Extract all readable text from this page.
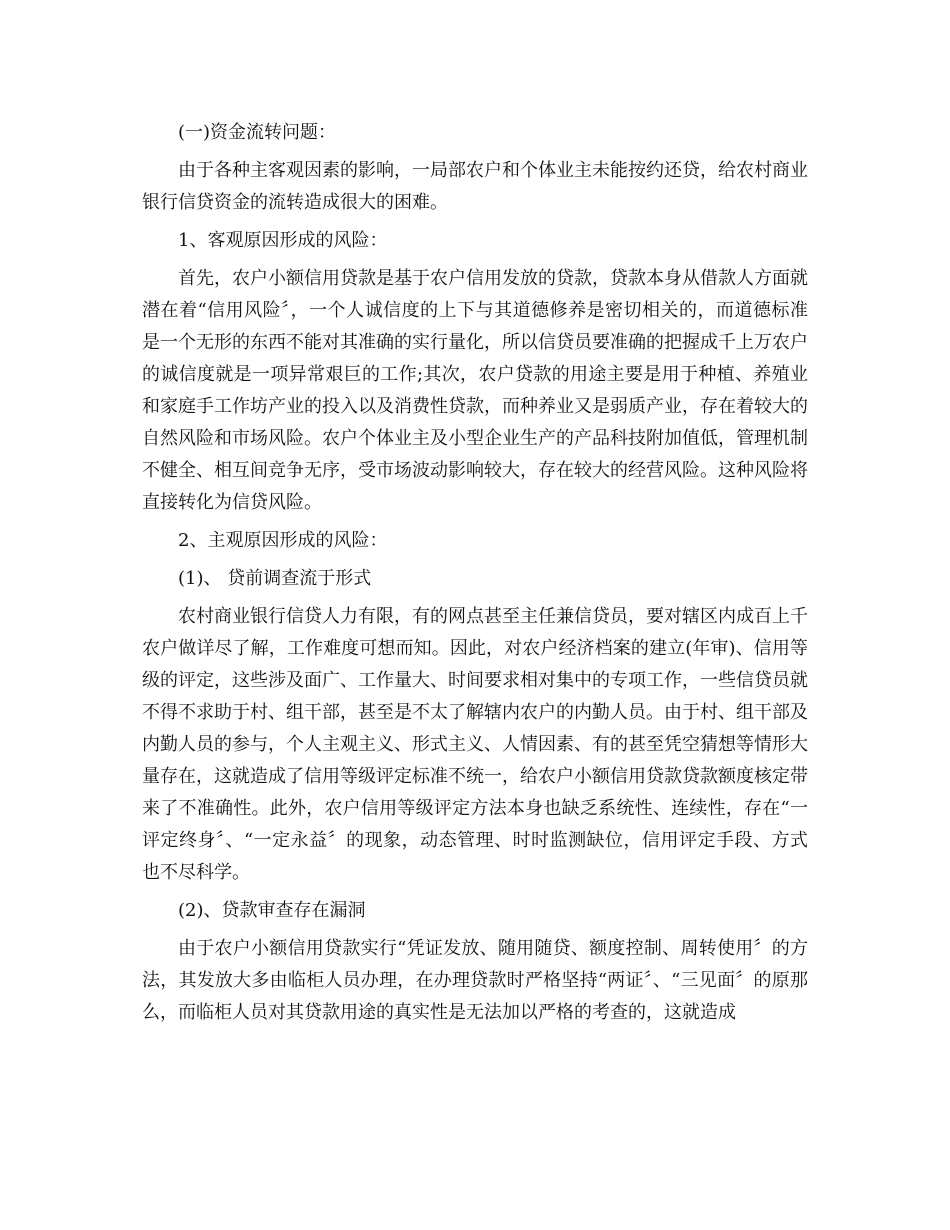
(一)资金流转问题：

由于各种主客观因素的影响，一局部农户和个体业主未能按约还贷，给农村商业银行信贷资金的流转造成很大的困难。

1、客观原因形成的风险：

首先，农户小额信用贷款是基于农户信用发放的贷款，贷款本身从借款人方面就潜在着“信用风险〞，一个人诚信度的上下与其道德修养是密切相关的，而道德标准是一个无形的东西不能对其准确的实行量化，所以信贷员要准确的把握成千上万农户的诚信度就是一项异常艰巨的工作;其次，农户贷款的用途主要是用于种植、养殖业和家庭手工作坊产业的投入以及消费性贷款，而种养业又是弱质产业，存在着较大的自然风险和市场风险。农户个体业主及小型企业生产的产品科技附加值低，管理机制不健全、相互间竞争无序，受市场波动影响较大，存在较大的经营风险。这种风险将直接转化为信贷风险。

2、主观原因形成的风险：

(1)、 贷前调查流于形式

农村商业银行信贷人力有限，有的网点甚至主任兼信贷员，要对辖区内成百上千农户做详尽了解，工作难度可想而知。因此，对农户经济档案的建立(年审)、信用等级的评定，这些涉及面广、工作量大、时间要求相对集中的专项工作，一些信贷员就不得不求助于村、组干部，甚至是不太了解辖内农户的内勤人员。由于村、组干部及内勤人员的参与，个人主观主义、形式主义、人情因素、有的甚至凭空猜想等情形大量存在，这就造成了信用等级评定标准不统一，给农户小额信用贷款贷款额度核定带来了不准确性。此外，农户信用等级评定方法本身也缺乏系统性、连续性，存在“一评定终身〞、“一定永益〞的现象，动态管理、时时监测缺位，信用评定手段、方式也不尽科学。

(2)、贷款审查存在漏洞

由于农户小额信用贷款实行“凭证发放、随用随贷、额度控制、周转使用〞的方法，其发放大多由临柜人员办理，在办理贷款时严格坚持“两证〞、“三见面〞的原那么，而临柜人员对其贷款用途的真实性是无法加以严格的考查的，这就造成
